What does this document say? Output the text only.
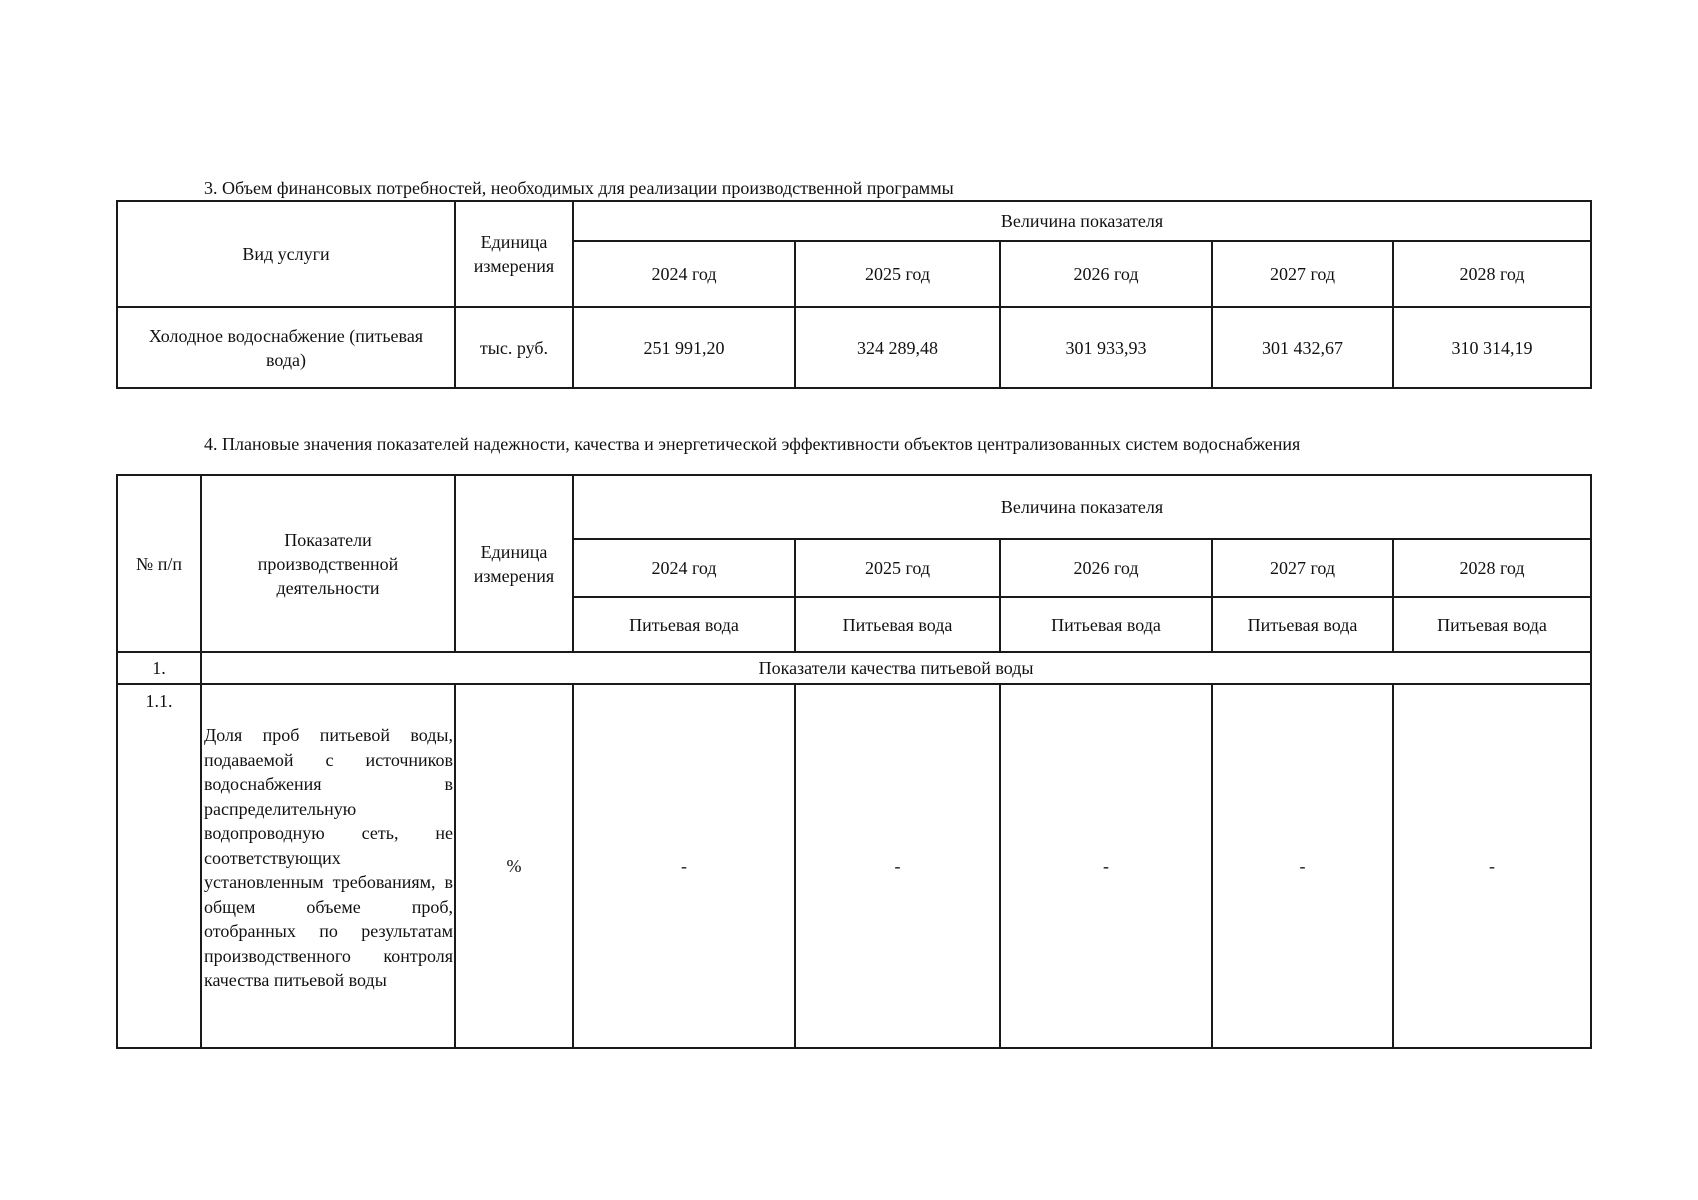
3. Объем финансовых потребностей, необходимых для реализации производственной программы
Вид услуги	Единица измерения	Величина показателя				
		2024 год	2025 год	2026 год	2027 год	2028 год
Холодное водоснабжение (питьевая вода)	тыс. руб.	251 991,20	324 289,48	301 933,93	301 432,67	310 314,19
4. Плановые значения показателей надежности, качества и энергетической эффективности объектов централизованных систем водоснабжения
№ п/п	Показатели производственной деятельности	Единица измерения	Величина показателя				
			2024 год	2025 год	2026 год	2027 год	2028 год
			Питьевая вода	Питьевая вода	Питьевая вода	Питьевая вода	Питьевая вода
1.	Показатели качества питьевой воды						
1.1.	Доля проб питьевой воды, подаваемой с источников водоснабжения в распределительную водопроводную сеть, не соответствующих установленным требованиям, в общем объеме проб, отобранных по результатам производственного контроля качества питьевой воды	%	-	-	-	-	-
